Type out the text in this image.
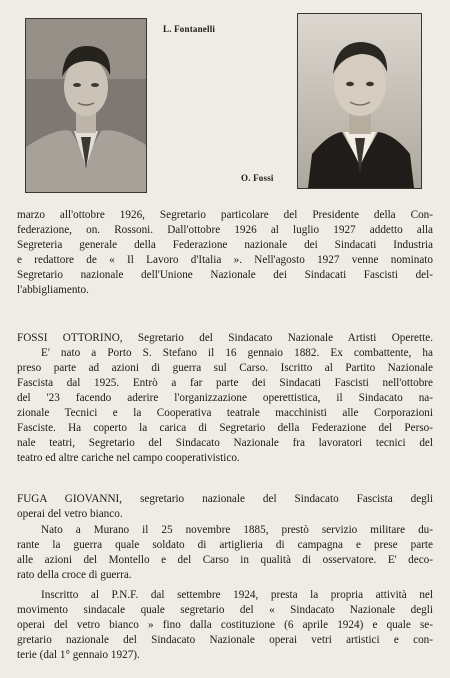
L. Fontanelli
O. Fossi
marzo all'ottobre 1926, Segretario particolare del Presidente della Con-
federazione, on. Rossoni. Dall'ottobre 1926 al luglio 1927 addetto alla
Segreteria generale della Federazione nazionale dei Sindacati Industria
e redattore de « Il Lavoro d'Italia ». Nell'agosto 1927 venne nominato
Segretario nazionale dell'Unione Nazionale dei Sindacati Fascisti del-
l'abbigliamento.
FOSSI OTTORINO, Segretario del Sindacato Nazionale Artisti Operette.
E' nato a Porto S. Stefano il 16 gennaio 1882. Ex combattente, ha
preso parte ad azioni di guerra sul Carso. Iscritto al Partito Nazionale
Fascista dal 1925. Entrò a far parte dei Sindacati Fascisti nell'ottobre
del '23 facendo aderire l'organizzazione operettistica, il Sindacato na-
zionale Tecnici e la Cooperativa teatrale macchinisti alle Corporazioni
Fasciste. Ha coperto la carica di Segretario della Federazione del Perso-
nale teatri, Segretario del Sindacato Nazionale fra lavoratori tecnici del
teatro ed altre cariche nel campo cooperativistico.
FUGA GIOVANNI, segretario nazionale del Sindacato Fascista degli
operai del vetro bianco.
Nato a Murano il 25 novembre 1885, prestò servizio militare du-
rante la guerra quale soldato di artiglieria di campagna e prese parte
alle azioni del Montello e del Carso in qualità di osservatore. E' deco-
rato della croce di guerra.
Inscritto al P.N.F. dal settembre 1924, presta la propria attività nel
movimento sindacale quale segretario del « Sindacato Nazionale degli
operai del vetro bianco » fino dalla costituzione (6 aprile 1924) e quale se-
gretario nazionale del Sindacato Nazionale operai vetri artistici e con-
terie (dal 1° gennaio 1927).
